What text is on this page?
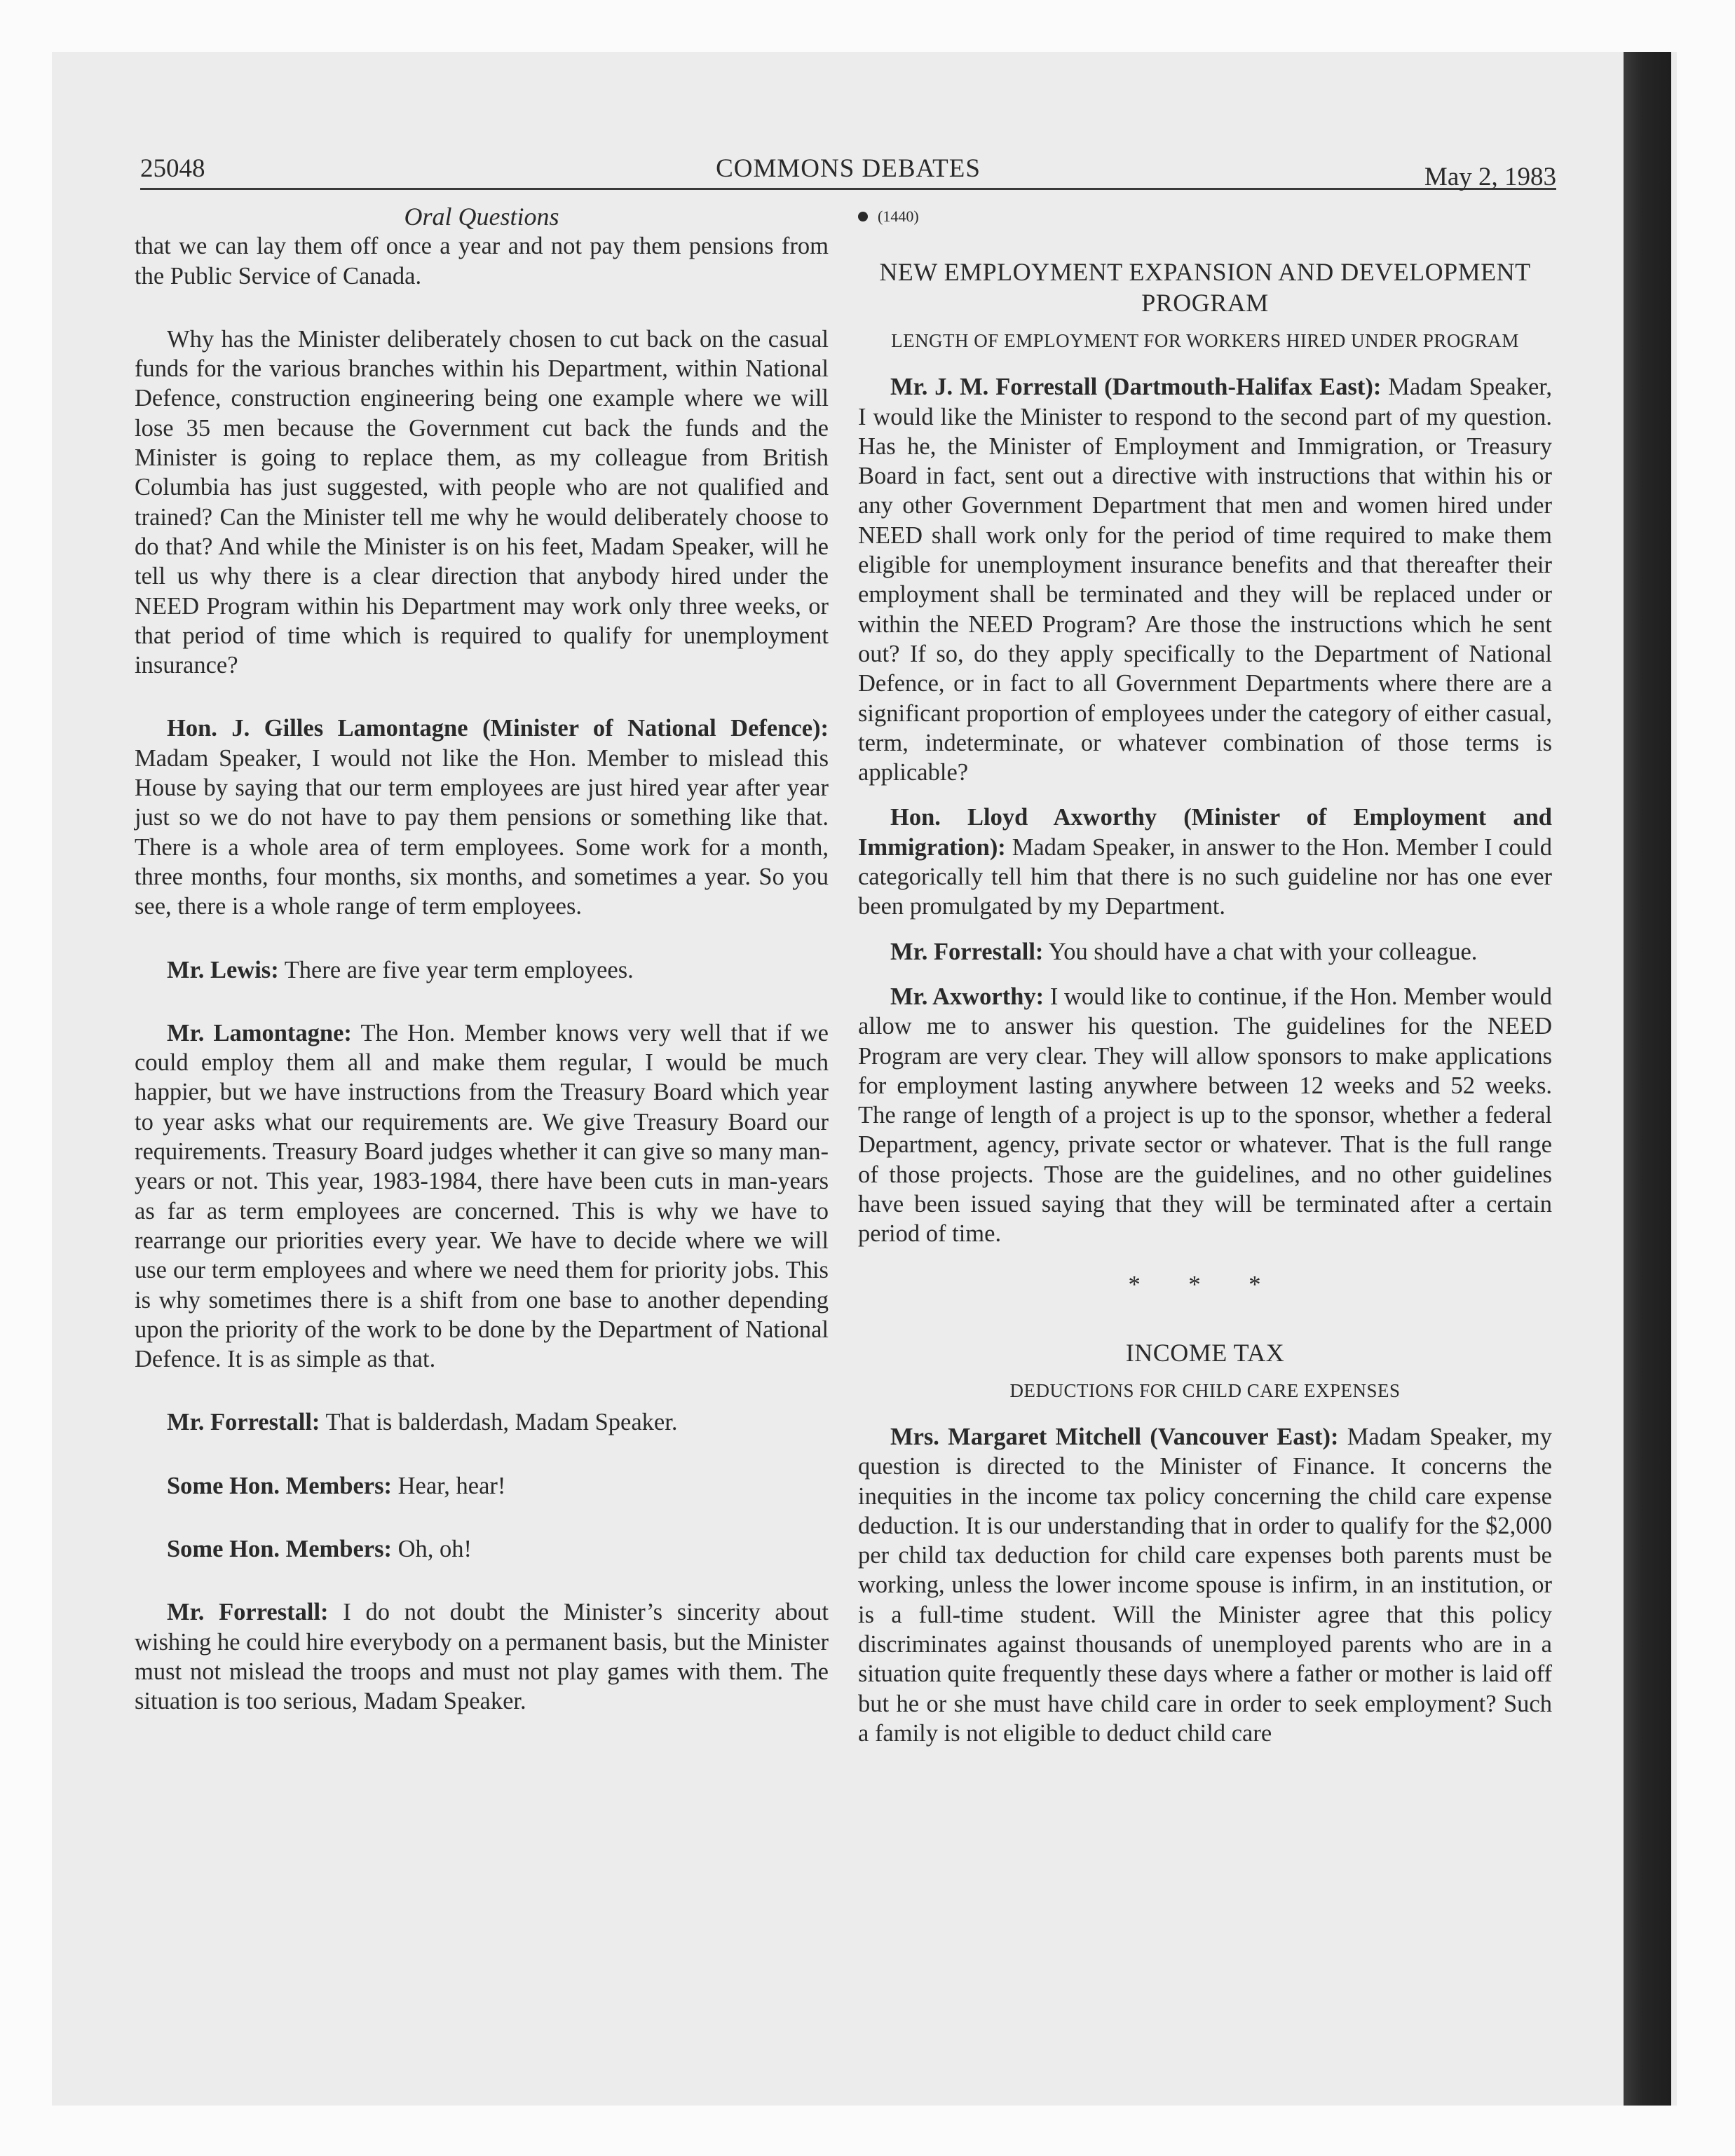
25048	COMMONS DEBATES	May 2, 1983

Oral Questions

that we can lay them off once a year and not pay them pensions from the Public Service of Canada.

Why has the Minister deliberately chosen to cut back on the casual funds for the various branches within his Department, within National Defence, construction engineering being one example where we will lose 35 men because the Government cut back the funds and the Minister is going to replace them, as my colleague from British Columbia has just suggested, with people who are not qualified and trained? Can the Minister tell me why he would deliberately choose to do that? And while the Minister is on his feet, Madam Speaker, will he tell us why there is a clear direction that anybody hired under the NEED Program within his Department may work only three weeks, or that period of time which is required to qualify for unemployment insurance?

Hon. J. Gilles Lamontagne (Minister of National Defence): Madam Speaker, I would not like the Hon. Member to mislead this House by saying that our term employees are just hired year after year just so we do not have to pay them pensions or something like that. There is a whole area of term employees. Some work for a month, three months, four months, six months, and sometimes a year. So you see, there is a whole range of term employees.

Mr. Lewis: There are five year term employees.

Mr. Lamontagne: The Hon. Member knows very well that if we could employ them all and make them regular, I would be much happier, but we have instructions from the Treasury Board which year to year asks what our requirements are. We give Treasury Board our requirements. Treasury Board judges whether it can give so many man-years or not. This year, 1983-1984, there have been cuts in man-years as far as term employees are concerned. This is why we have to rearrange our priorities every year. We have to decide where we will use our term employees and where we need them for priority jobs. This is why sometimes there is a shift from one base to another depending upon the priority of the work to be done by the Department of National Defence. It is as simple as that.

Mr. Forrestall: That is balderdash, Madam Speaker.

Some Hon. Members: Hear, hear!

Some Hon. Members: Oh, oh!

Mr. Forrestall: I do not doubt the Minister’s sincerity about wishing he could hire everybody on a permanent basis, but the Minister must not mislead the troops and must not play games with them. The situation is too serious, Madam Speaker.

(1440)

NEW EMPLOYMENT EXPANSION AND DEVELOPMENT PROGRAM

LENGTH OF EMPLOYMENT FOR WORKERS HIRED UNDER PROGRAM

Mr. J. M. Forrestall (Dartmouth-Halifax East): Madam Speaker, I would like the Minister to respond to the second part of my question. Has he, the Minister of Employment and Immigration, or Treasury Board in fact, sent out a directive with instructions that within his or any other Government Department that men and women hired under NEED shall work only for the period of time required to make them eligible for unemployment insurance benefits and that thereafter their employment shall be terminated and they will be replaced under or within the NEED Program? Are those the instructions which he sent out? If so, do they apply specifically to the Department of National Defence, or in fact to all Government Departments where there are a significant proportion of employees under the category of either casual, term, indeterminate, or whatever combination of those terms is applicable?

Hon. Lloyd Axworthy (Minister of Employment and Immigration): Madam Speaker, in answer to the Hon. Member I could categorically tell him that there is no such guideline nor has one ever been promulgated by my Department.

Mr. Forrestall: You should have a chat with your colleague.

Mr. Axworthy: I would like to continue, if the Hon. Member would allow me to answer his question. The guidelines for the NEED Program are very clear. They will allow sponsors to make applications for employment lasting anywhere between 12 weeks and 52 weeks. The range of length of a project is up to the sponsor, whether a federal Department, agency, private sector or whatever. That is the full range of those projects. Those are the guidelines, and no other guidelines have been issued saying that they will be terminated after a certain period of time.

* * *

INCOME TAX

DEDUCTIONS FOR CHILD CARE EXPENSES

Mrs. Margaret Mitchell (Vancouver East): Madam Speaker, my question is directed to the Minister of Finance. It concerns the inequities in the income tax policy concerning the child care expense deduction. It is our understanding that in order to qualify for the $2,000 per child tax deduction for child care expenses both parents must be working, unless the lower income spouse is infirm, in an institution, or is a full-time student. Will the Minister agree that this policy discriminates against thousands of unemployed parents who are in a situation quite frequently these days where a father or mother is laid off but he or she must have child care in order to seek employment? Such a family is not eligible to deduct child care
